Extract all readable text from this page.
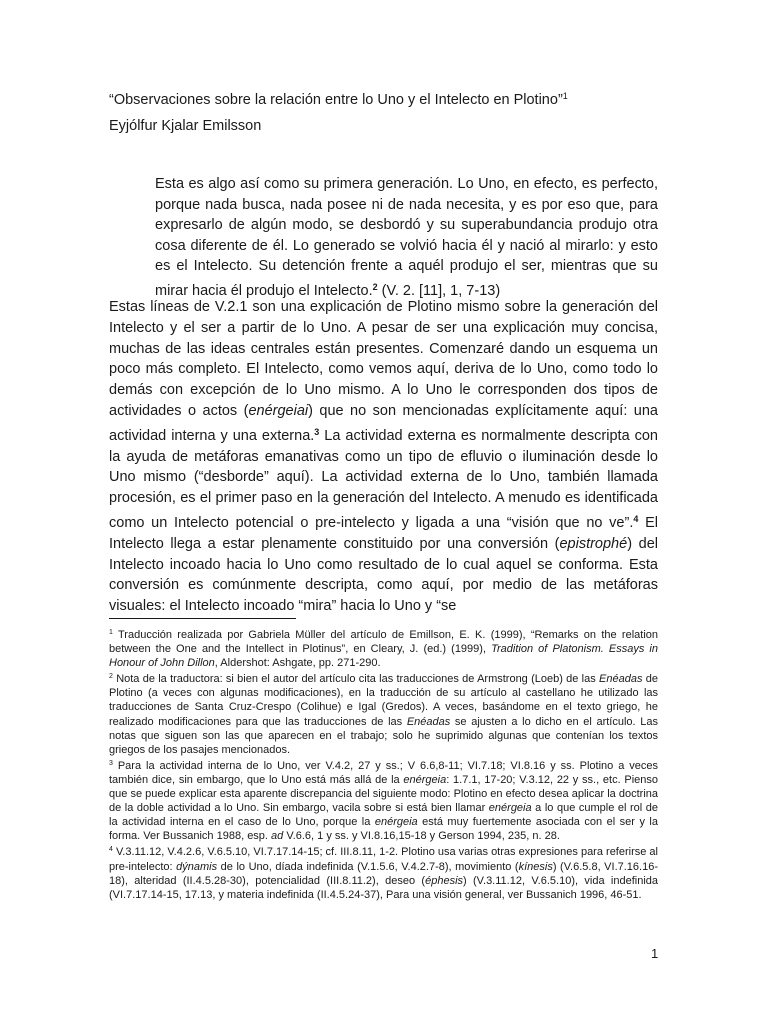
“Observaciones sobre la relación entre lo Uno y el Intelecto en Plotino”$^1$
Eyjólfur Kjalar Emilsson
Esta es algo así como su primera generación. Lo Uno, en efecto, es perfecto, porque nada busca, nada posee ni de nada necesita, y es por eso que, para expresarlo de algún modo, se desbordó y su superabundancia produjo otra cosa diferente de él. Lo generado se volvió hacia él y nació al mirarlo: y esto es el Intelecto. Su detención frente a aquél produjo el ser, mientras que su mirar hacia él produjo el Intelecto.$^2$ (V. 2. [11], 1, 7-13)
Estas líneas de V.2.1 son una explicación de Plotino mismo sobre la generación del Intelecto y el ser a partir de lo Uno. A pesar de ser una explicación muy concisa, muchas de las ideas centrales están presentes. Comenzaré dando un esquema un poco más completo. El Intelecto, como vemos aquí, deriva de lo Uno, como todo lo demás con excepción de lo Uno mismo. A lo Uno le corresponden dos tipos de actividades o actos (enérgeiai) que no son mencionadas explícitamente aquí: una actividad interna y una externa.$^3$ La actividad externa es normalmente descripta con la ayuda de metáforas emanativas como un tipo de efluvio o iluminación desde lo Uno mismo (“desborde” aquí). La actividad externa de lo Uno, también llamada procesión, es el primer paso en la generación del Intelecto. A menudo es identificada como un Intelecto potencial o pre-intelecto y ligada a una “visión que no ve”.$^4$ El Intelecto llega a estar plenamente constituido por una conversión (epistrophé) del Intelecto incoado hacia lo Uno como resultado de lo cual aquel se conforma. Esta conversión es comúnmente descripta, como aquí, por medio de las metáforas visuales: el Intelecto incoado “mira” hacia lo Uno y “se

$^1$ Traducción realizada por Gabriela Müller del artículo de Emillson, E. K. (1999), “Remarks on the relation between the One and the Intellect in Plotinus”, en Cleary, J. (ed.) (1999), Tradition of Platonism. Essays in Honour of John Dillon, Aldershot: Ashgate, pp. 271-290.

$^2$ Nota de la traductora: si bien el autor del artículo cita las traducciones de Armstrong (Loeb) de las Enéadas de Plotino (a veces con algunas modificaciones), en la traducción de su artículo al castellano he utilizado las traducciones de Santa Cruz-Crespo (Colihue) e Igal (Gredos). A veces, basándome en el texto griego, he realizado modificaciones para que las traducciones de las Enéadas se ajusten a lo dicho en el artículo. Las notas que siguen son las que aparecen en el trabajo; solo he suprimido algunas que contenían los textos griegos de los pasajes mencionados.

$^3$ Para la actividad interna de lo Uno, ver V.4.2, 27 y ss.; V 6.6,8-11; VI.7.18; VI.8.16 y ss. Plotino a veces también dice, sin embargo, que lo Uno está más allá de la enérgeia: 1.7.1, 17-20; V.3.12, 22 y ss., etc. Pienso que se puede explicar esta aparente discrepancia del siguiente modo: Plotino en efecto desea aplicar la doctrina de la doble actividad a lo Uno. Sin embargo, vacila sobre si está bien llamar enérgeia a lo que cumple el rol de la actividad interna en el caso de lo Uno, porque la enérgeia está muy fuertemente asociada con el ser y la forma. Ver Bussanich 1988, esp. ad V.6.6, 1 y ss. y VI.8.16,15-18 y Gerson 1994, 235, n. 28.

$^4$ V.3.11.12, V.4.2.6, V.6.5.10, VI.7.17.14-15; cf. III.8.11, 1-2. Plotino usa varias otras expresiones para referirse al pre-intelecto: dýnamis de lo Uno, díada indefinida (V.1.5.6, V.4.2.7-8), movimiento (kínesis) (V.6.5.8, VI.7.16.16-18), alteridad (II.4.5.28-30), potencialidad (III.8.11.2), deseo (éphesis) (V.3.11.12, V.6.5.10), vida indefinida (VI.7.17.14-15, 17.13, y materia indefinida (II.4.5.24-37), Para una visión general, ver Bussanich 1996, 46-51.

1
